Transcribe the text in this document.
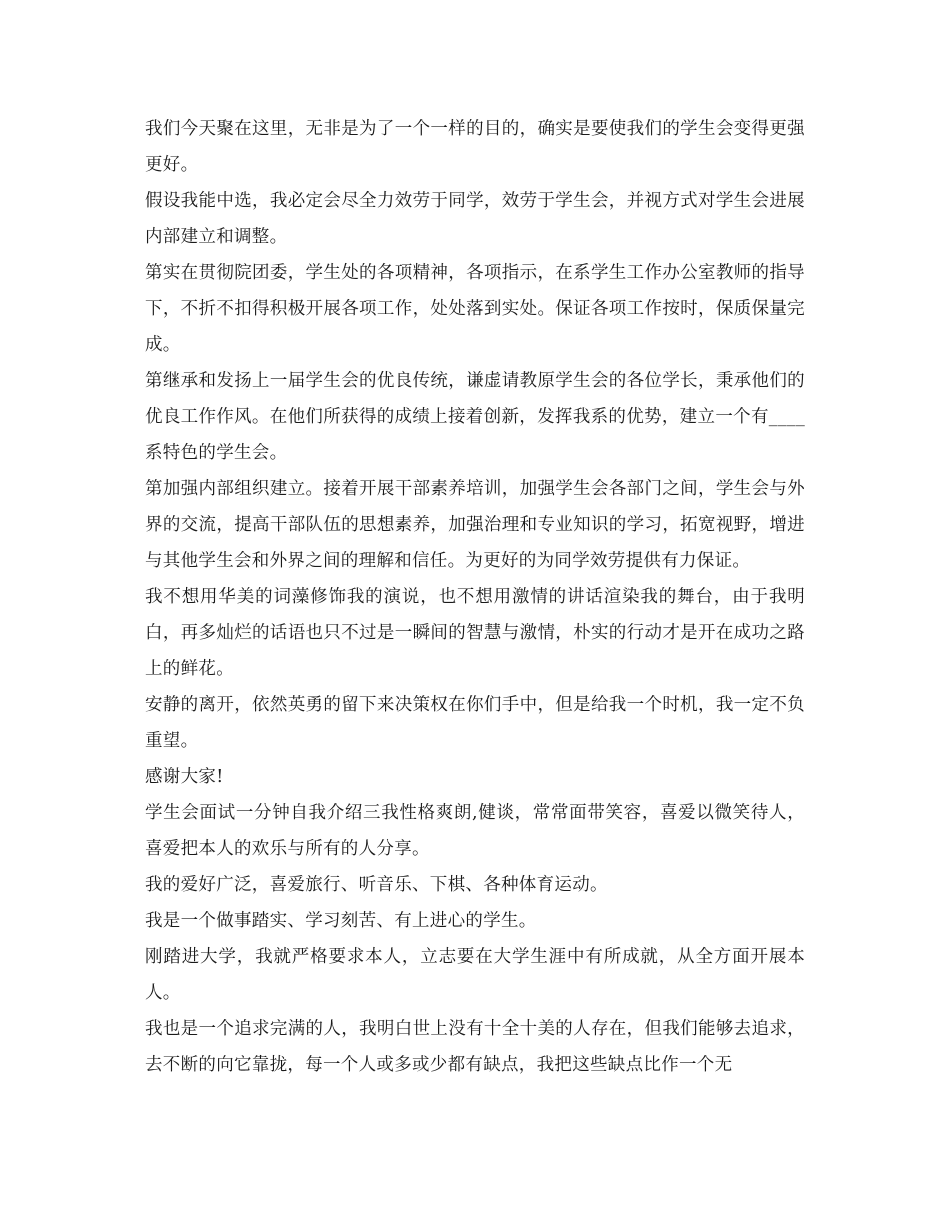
我们今天聚在这里，无非是为了一个一样的目的，确实是要使我们的学生会变得更强更好。

假设我能中选，我必定会尽全力效劳于同学，效劳于学生会，并视方式对学生会进展内部建立和调整。

第实在贯彻院团委，学生处的各项精神，各项指示，在系学生工作办公室教师的指导下，不折不扣得积极开展各项工作，处处落到实处。保证各项工作按时，保质保量完成。

第继承和发扬上一届学生会的优良传统，谦虚请教原学生会的各位学长，秉承他们的优良工作作风。在他们所获得的成绩上接着创新，发挥我系的优势，建立一个有____系特色的学生会。

第加强内部组织建立。接着开展干部素养培训，加强学生会各部门之间，学生会与外界的交流，提高干部队伍的思想素养，加强治理和专业知识的学习，拓宽视野，增进与其他学生会和外界之间的理解和信任。为更好的为同学效劳提供有力保证。

我不想用华美的词藻修饰我的演说，也不想用激情的讲话渲染我的舞台，由于我明白，再多灿烂的话语也只不过是一瞬间的智慧与激情，朴实的行动才是开在成功之路上的鲜花。

安静的离开，依然英勇的留下来决策权在你们手中，但是给我一个时机，我一定不负重望。

感谢大家!

学生会面试一分钟自我介绍三我性格爽朗,健谈，常常面带笑容，喜爱以微笑待人，喜爱把本人的欢乐与所有的人分享。

我的爱好广泛，喜爱旅行、听音乐、下棋、各种体育运动。

我是一个做事踏实、学习刻苦、有上进心的学生。

刚踏进大学，我就严格要求本人，立志要在大学生涯中有所成就，从全方面开展本人。

我也是一个追求完满的人，我明白世上没有十全十美的人存在，但我们能够去追求，去不断的向它靠拢，每一个人或多或少都有缺点，我把这些缺点比作一个无
